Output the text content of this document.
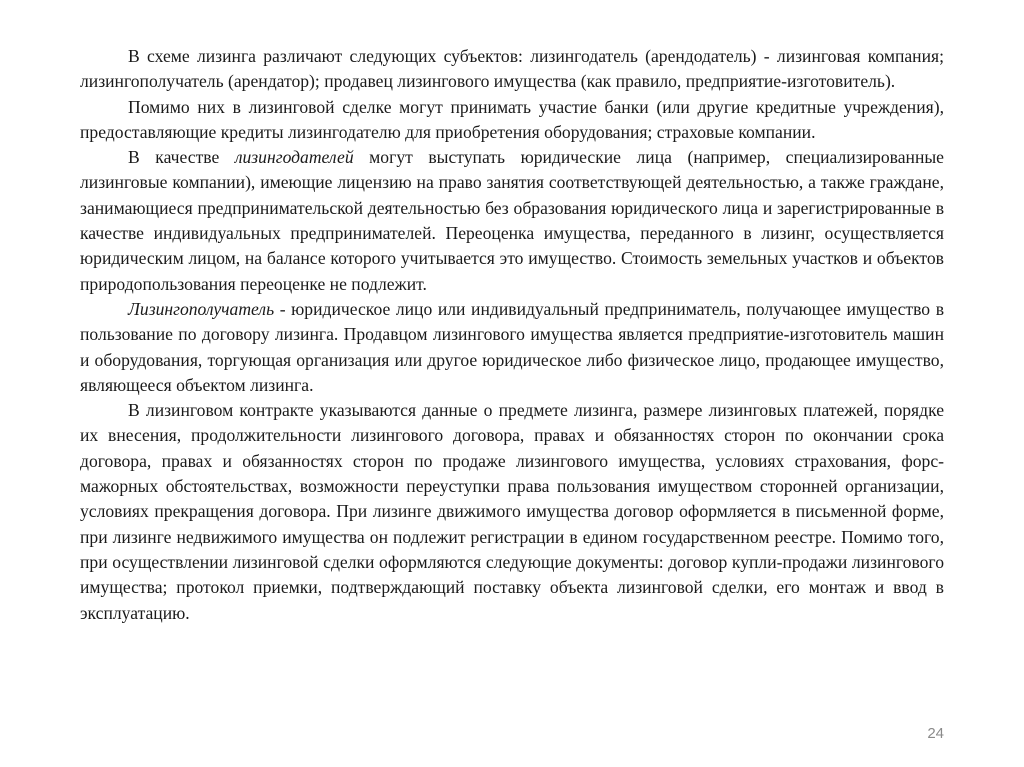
В схеме лизинга различают следующих субъектов: лизингодатель (арендодатель) - лизинговая компания; лизингополучатель (арендатор); продавец лизингового имущества (как правило, предприятие-изготовитель).

Помимо них в лизинговой сделке могут принимать участие банки (или другие кредитные учреждения), предоставляющие кредиты лизингодателю для приобретения оборудования; страховые компании.

В качестве лизингодателей могут выступать юридические лица (например, специализированные лизинговые компании), имеющие лицензию на право занятия соответствующей деятельностью, а также граждане, занимающиеся предпринимательской деятельностью без образования юридического лица и зарегистрированные в качестве индивидуальных предпринимателей. Переоценка имущества, переданного в лизинг, осуществляется юридическим лицом, на балансе которого учитывается это имущество. Стоимость земельных участков и объектов природопользования переоценке не подлежит.

Лизингополучатель - юридическое лицо или индивидуальный предприниматель, получающее имущество в пользование по договору лизинга. Продавцом лизингового имущества является предприятие-изготовитель машин и оборудования, торгующая организация или другое юридическое либо физическое лицо, продающее имущество, являющееся объектом лизинга.

В лизинговом контракте указываются данные о предмете лизинга, размере лизинговых платежей, порядке их внесения, продолжительности лизингового договора, правах и обязанностях сторон по окончании срока договора, правах и обязанностях сторон по продаже лизингового имущества, условиях страхования, форс-мажорных обстоятельствах, возможности переуступки права пользования имуществом сторонней организации, условиях прекращения договора. При лизинге движимого имущества договор оформляется в письменной форме, при лизинге недвижимого имущества он подлежит регистрации в едином государственном реестре. Помимо того, при осуществлении лизинговой сделки оформляются следующие документы: договор купли-продажи лизингового имущества; протокол приемки, подтверждающий поставку объекта лизинговой сделки, его монтаж и ввод в эксплуатацию.

24
